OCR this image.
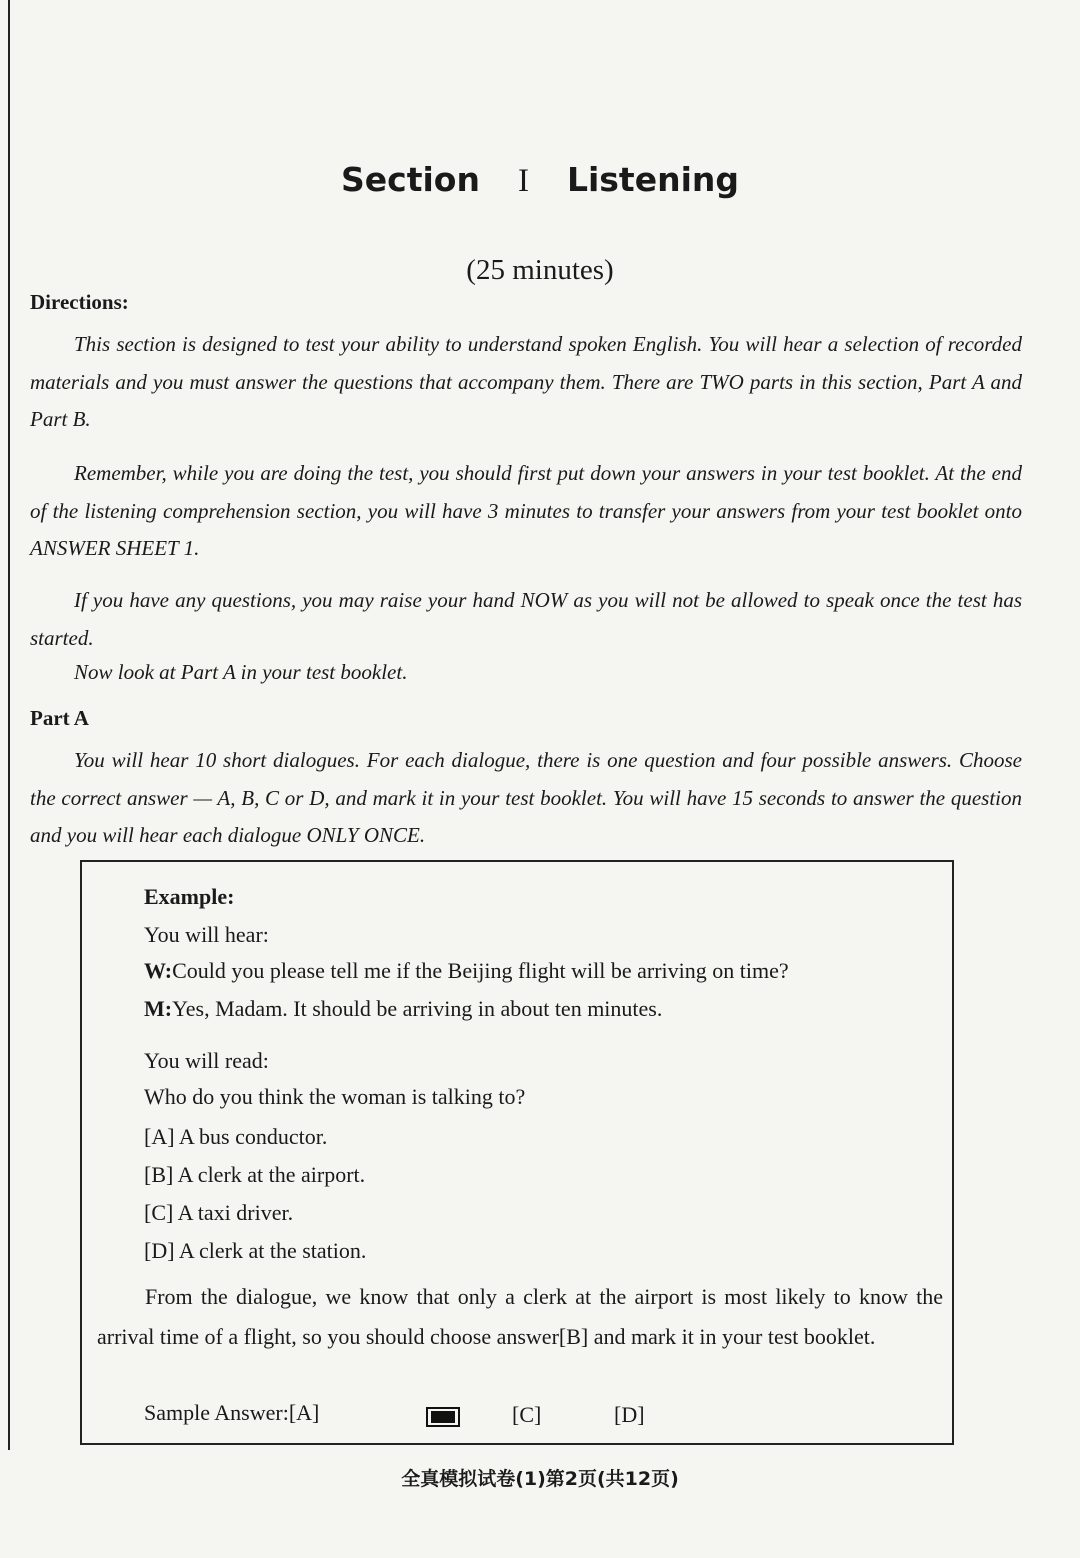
Section I Listening
(25 minutes)
Directions:

This section is designed to test your ability to understand spoken English. You will hear a selection of recorded materials and you must answer the questions that accompany them. There are TWO parts in this section, Part A and Part B.

Remember, while you are doing the test, you should first put down your answers in your test booklet. At the end of the listening comprehension section, you will have 3 minutes to transfer your answers from your test booklet onto ANSWER SHEET 1.

If you have any questions, you may raise your hand NOW as you will not be allowed to speak once the test has started.

Now look at Part A in your test booklet.

Part A

You will hear 10 short dialogues. For each dialogue, there is one question and four possible answers. Choose the correct answer — A, B, C or D, and mark it in your test booklet. You will have 15 seconds to answer the question and you will hear each dialogue ONLY ONCE.

Example:
You will hear:
W:Could you please tell me if the Beijing flight will be arriving on time?
M:Yes, Madam. It should be arriving in about ten minutes.
You will read:
Who do you think the woman is talking to?
[A] A bus conductor.
[B] A clerk at the airport.
[C] A taxi driver.
[D] A clerk at the station.

From the dialogue, we know that only a clerk at the airport is most likely to know the arrival time of a flight, so you should choose answer[B] and mark it in your test booklet.

Sample Answer:[A]	[C]	[D]
全真模拟试卷(1)第2页(共12页)
